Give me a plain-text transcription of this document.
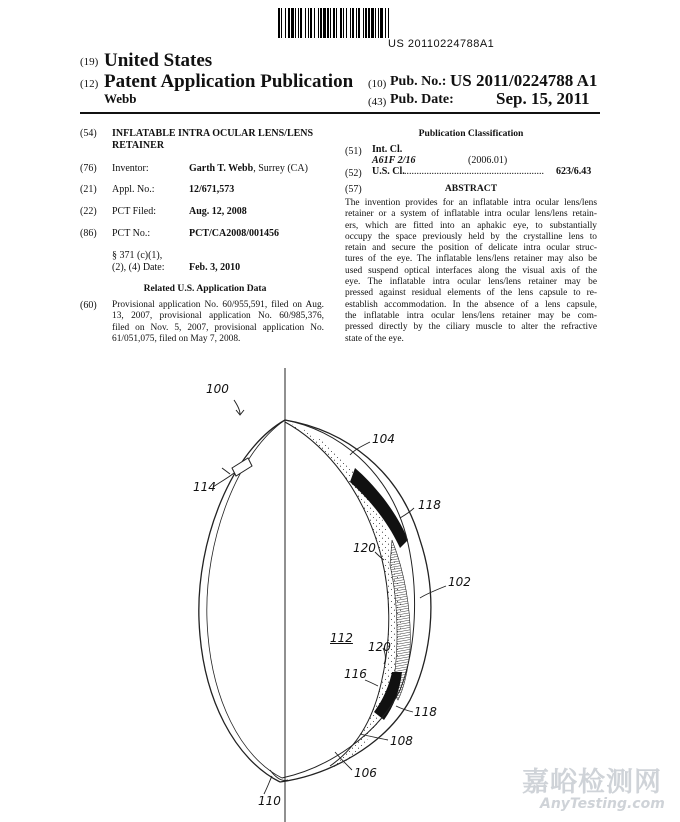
US 20110224788A1
(19) United States
(12) Patent Application Publication
Webb
(10) Pub. No.: US 2011/0224788 A1
(43) Pub. Date: Sep. 15, 2011
(54) INFLATABLE INTRA OCULAR LENS/LENS
RETAINER
(76) Inventor:	Garth T. Webb, Surrey (CA)
(21) Appl. No.:	12/671,573
(22) PCT Filed:	Aug. 12, 2008
(86) PCT No.:	PCT/CA2008/001456
§ 371 (c)(1),
(2), (4) Date: Feb. 3, 2010
Related U.S. Application Data
(60) Provisional application No. 60/955,591, filed on Aug.
13, 2007, provisional application No. 60/985,376,
filed on Nov. 5, 2007, provisional application No.
61/051,075, filed on May 7, 2008.
Publication Classification
(51) Int. Cl.
A61F 2/16	(2006.01)
(52) U.S. Cl. ........................................................	623/6.43
(57)	ABSTRACT
The invention provides for an inflatable intra ocular lens/lens
retainer or a system of inflatable intra ocular lens/lens retain-
ers, which are fitted into an aphakic eye, to substantially
occupy the space previously held by the crystalline lens to
retain and secure the position of delicate intra ocular struc-
tures of the eye. The inflatable lens/lens retainer may also be
used suspend optical interfaces along the visual axis of the
eye. The inflatable intra ocular lens/lens retainer may be
pressed against residual elements of the lens capsule to re-
establish accommodation. In the absence of a lens capsule,
the inflatable intra ocular lens/lens retainer may be com-
pressed directly by the ciliary muscle to alter the refractive
state of the eye.
100
104
114
118
120
102
112
120
116
118
108
106
110
嘉峪检测网
AnyTesting.com
